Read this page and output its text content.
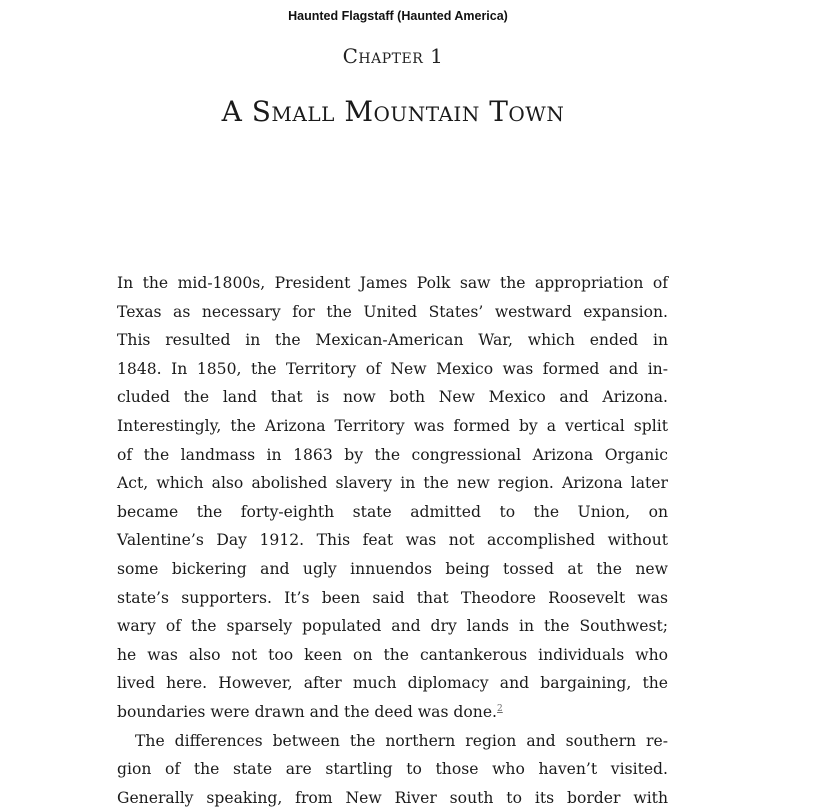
Haunted Flagstaff (Haunted America)
Chapter 1
A Small Mountain Town
In the mid-1800s, President James Polk saw the appropriation of
Texas as necessary for the United States’ westward expansion.
This resulted in the Mexican-American War, which ended in
1848. In 1850, the Territory of New Mexico was formed and in-
cluded the land that is now both New Mexico and Arizona.
Interestingly, the Arizona Territory was formed by a vertical split
of the landmass in 1863 by the congressional Arizona Organic
Act, which also abolished slavery in the new region. Arizona later
became the forty-eighth state admitted to the Union, on
Valentine’s Day 1912. This feat was not accomplished without
some bickering and ugly innuendos being tossed at the new
state’s supporters. It’s been said that Theodore Roosevelt was
wary of the sparsely populated and dry lands in the Southwest;
he was also not too keen on the cantankerous individuals who
lived here. However, after much diplomacy and bargaining, the
boundaries were drawn and the deed was done.$^2$
The differences between the northern region and southern re-
gion of the state are startling to those who haven’t visited.
Generally speaking, from New River south to its border with
